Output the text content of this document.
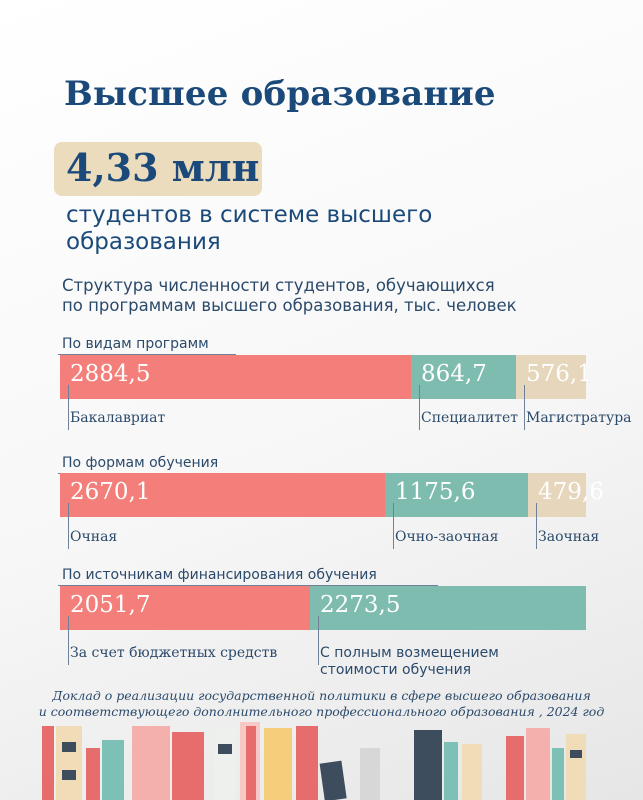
Высшее образование
4,33 млн
студентов в системе высшего образования
Структура численности студентов, обучающихся
по программам высшего образования, тыс. человек
По видам программ
2884,5	864,7 576,1
Бакалавриат	Специалитет Магистратура
По формам обучения
2670,1	1175,6	479,6
Очная	Очно-заочная	Заочная
По источникам финансирования обучения
2051,7	2273,5
За счет бюджетных средств	С полным возмещением стоимости обучения
Доклад о реализации государственной политики в сфере высшего образования
и соответствующего дополнительного профессионального образования , 2024 год
